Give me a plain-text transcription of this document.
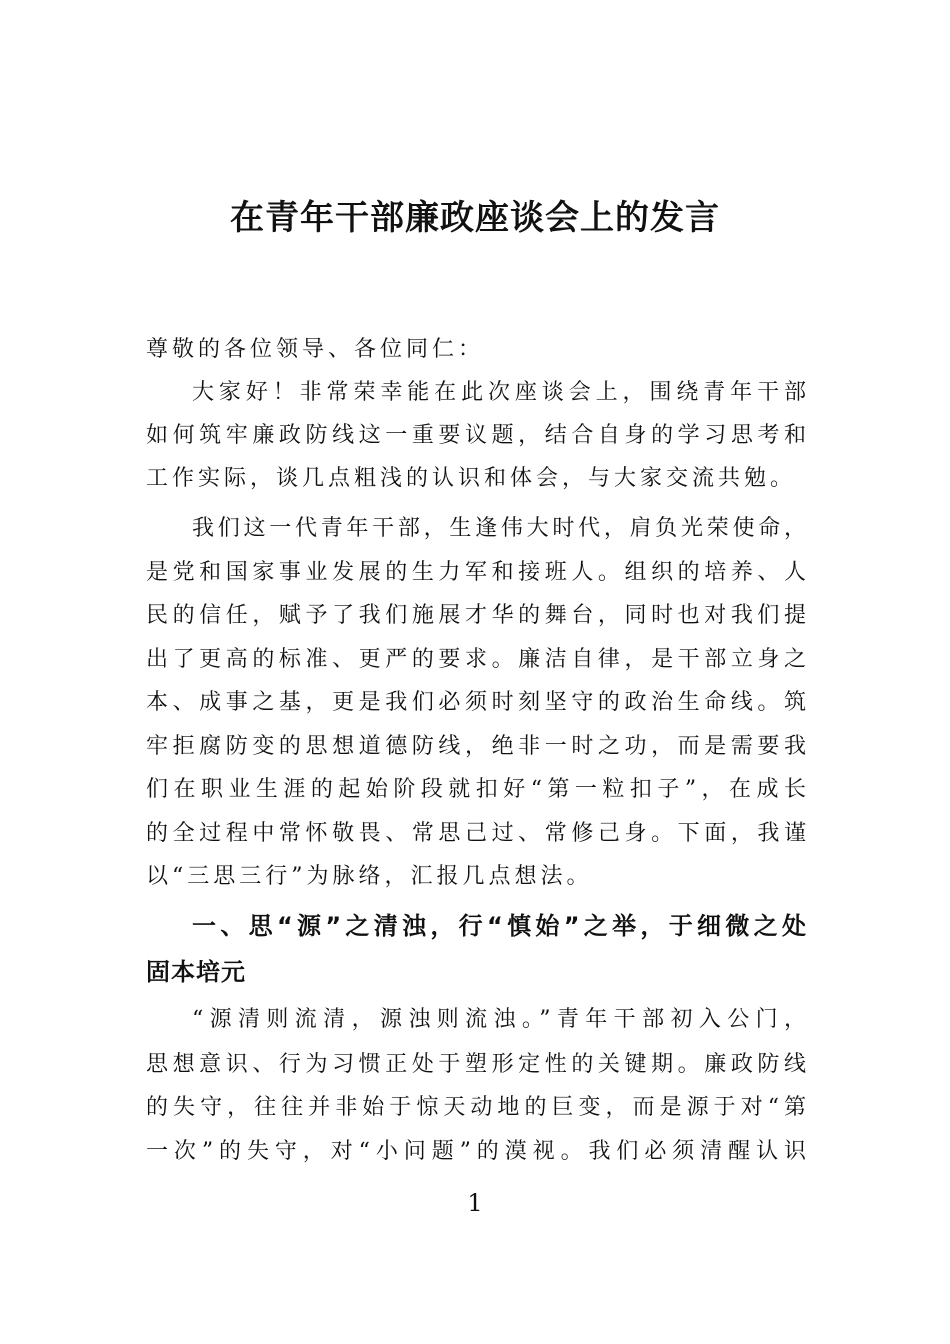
在青年干部廉政座谈会上的发言
尊敬的各位领导、各位同仁：
大家好！非常荣幸能在此次座谈会上，围绕青年干部
如何筑牢廉政防线这一重要议题，结合自身的学习思考和
工作实际，谈几点粗浅的认识和体会，与大家交流共勉。
我们这一代青年干部，生逢伟大时代，肩负光荣使命，
是党和国家事业发展的生力军和接班人。组织的培养、人
民的信任，赋予了我们施展才华的舞台，同时也对我们提
出了更高的标准、更严的要求。廉洁自律，是干部立身之
本、成事之基，更是我们必须时刻坚守的政治生命线。筑
牢拒腐防变的思想道德防线，绝非一时之功，而是需要我
们在职业生涯的起始阶段就扣好“第一粒扣子”，在成长
的全过程中常怀敬畏、常思己过、常修己身。下面，我谨
以“三思三行”为脉络，汇报几点想法。
一、思“源”之清浊，行“慎始”之举，于细微之处
固本培元
“源清则流清，源浊则流浊。”青年干部初入公门，
思想意识、行为习惯正处于塑形定性的关键期。廉政防线
的失守，往往并非始于惊天动地的巨变，而是源于对“第
一次”的失守，对“小问题”的漠视。我们必须清醒认识
1
